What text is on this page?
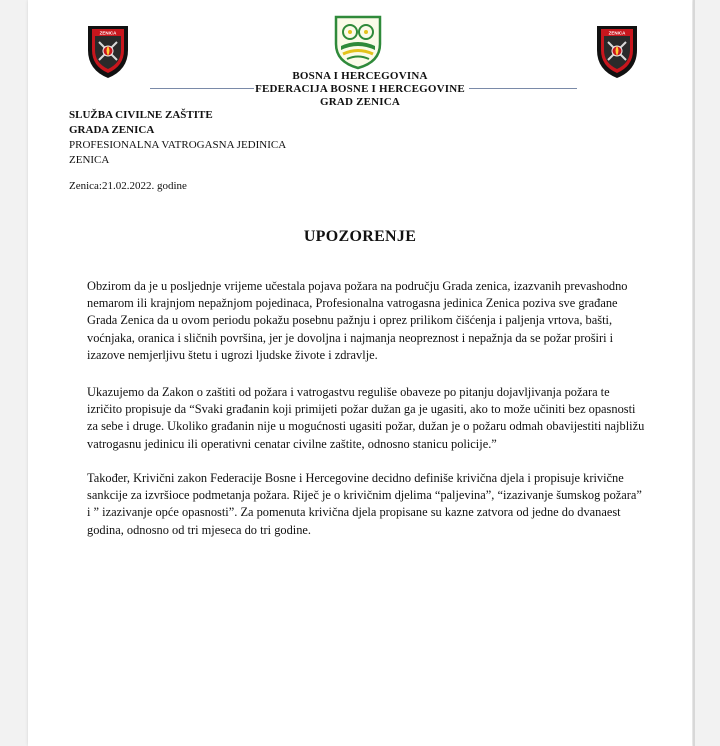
ZENICA	ZENICA
BOSNA I HERCEGOVINA
FEDERACIJA BOSNE I HERCEGOVINE
GRAD ZENICA
SLUŽBA CIVILNE ZAŠTITE
GRADA ZENICA
PROFESIONALNA VATROGASNA JEDINICA
ZENICA
Zenica:21.02.2022. godine
UPOZORENJE

Obzirom da je u posljednje vrijeme učestala pojava požara na području Grada zenica, izazvanih prevashodno nemarom ili krajnjom nepažnjom pojedinaca, Profesionalna vatrogasna jedinica Zenica poziva sve građane Grada Zenica da u ovom periodu pokažu posebnu pažnju i oprez prilikom čišćenja i paljenja vrtova, bašti, voćnjaka, oranica i sličnih površina, jer je dovoljna i najmanja neopreznost i nepažnja da se požar proširi i izazove nemjerljivu štetu i ugrozi ljudske živote i zdravlje.

Ukazujemo da Zakon o zaštiti od požara i vatrogastvu reguliše obaveze po pitanju dojavljivanja požara te izričito propisuje da “Svaki građanin koji primijeti požar dužan ga je ugasiti, ako to može učiniti bez opasnosti za sebe i druge. Ukoliko građanin nije u mogućnosti ugasiti požar, dužan je o požaru odmah obavijestiti najbližu vatrogasnu jedinicu ili operativni cenatar civilne zaštite, odnosno stanicu policije.”

Također, Krivični zakon Federacije Bosne i Hercegovine decidno definiše krivična djela i propisuje krivične sankcije za izvršioce podmetanja požara. Riječ je o krivičnim djelima “paljevina”, “izazivanje šumskog požara” i ” izazivanje opće opasnosti”. Za pomenuta krivična djela propisane su kazne zatvora od jedne do dvanaest godina, odnosno od tri mjeseca do tri godine.
